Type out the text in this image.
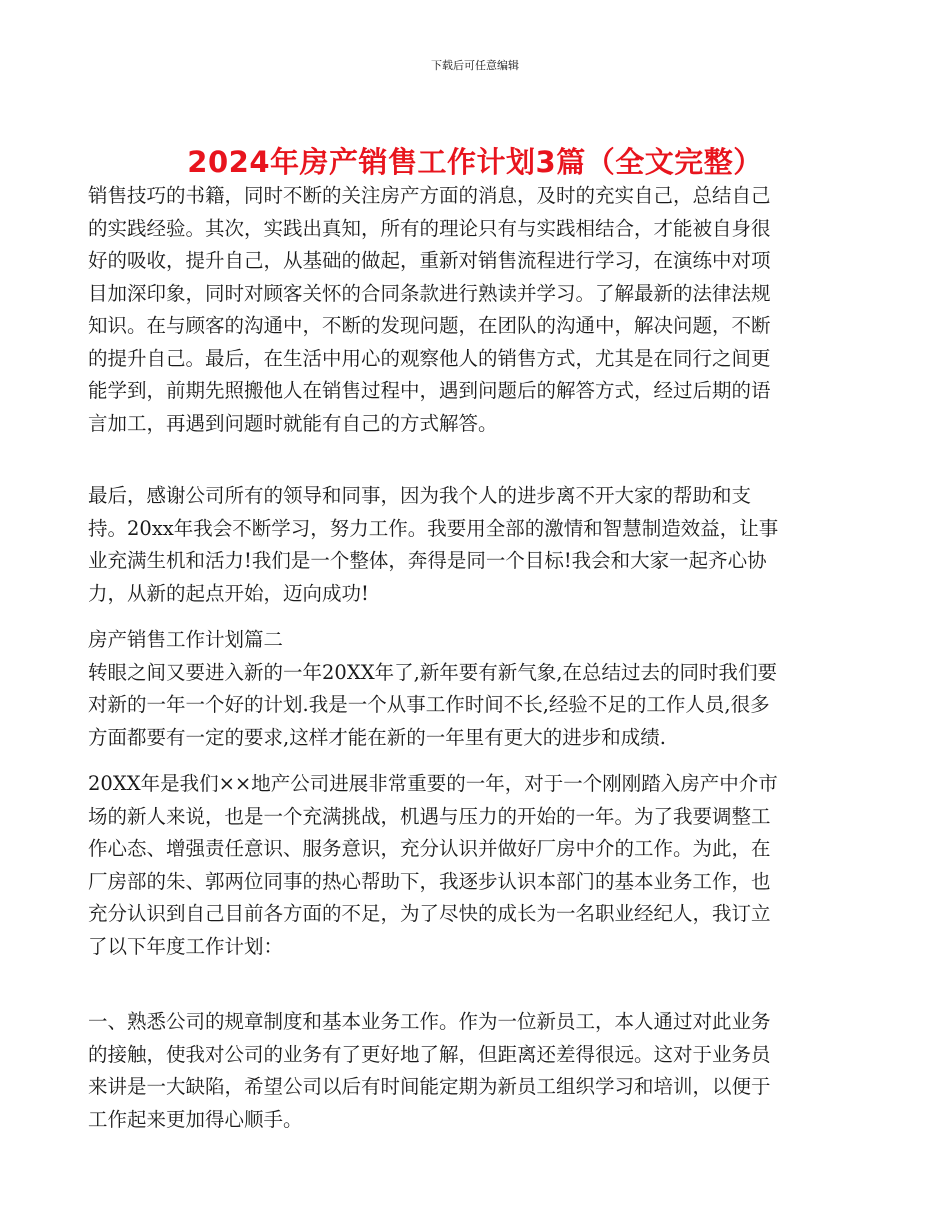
下载后可任意编辑
2024年房产销售工作计划3篇（全文完整）
销售技巧的书籍，同时不断的关注房产方面的消息，及时的充实自己，总结自己
的实践经验。其次，实践出真知，所有的理论只有与实践相结合，才能被自身很
好的吸收，提升自己，从基础的做起，重新对销售流程进行学习，在演练中对项
目加深印象，同时对顾客关怀的合同条款进行熟读并学习。了解最新的法律法规
知识。在与顾客的沟通中，不断的发现问题，在团队的沟通中，解决问题，不断
的提升自己。最后，在生活中用心的观察他人的销售方式，尤其是在同行之间更
能学到，前期先照搬他人在销售过程中，遇到问题后的解答方式，经过后期的语
言加工，再遇到问题时就能有自己的方式解答。
最后，感谢公司所有的领导和同事，因为我个人的进步离不开大家的帮助和支
持。20xx年我会不断学习，努力工作。我要用全部的激情和智慧制造效益，让事
业充满生机和活力!我们是一个整体，奔得是同一个目标!我会和大家一起齐心协
力，从新的起点开始，迈向成功!
房产销售工作计划篇二
转眼之间又要进入新的一年20XX年了,新年要有新气象,在总结过去的同时我们要
对新的一年一个好的计划.我是一个从事工作时间不长,经验不足的工作人员,很多
方面都要有一定的要求,这样才能在新的一年里有更大的进步和成绩.
20XX年是我们××地产公司进展非常重要的一年，对于一个刚刚踏入房产中介市
场的新人来说，也是一个充满挑战，机遇与压力的开始的一年。为了我要调整工
作心态、增强责任意识、服务意识，充分认识并做好厂房中介的工作。为此，在
厂房部的朱、郭两位同事的热心帮助下，我逐步认识本部门的基本业务工作，也
充分认识到自己目前各方面的不足，为了尽快的成长为一名职业经纪人，我订立
了以下年度工作计划：
一、熟悉公司的规章制度和基本业务工作。作为一位新员工，本人通过对此业务
的接触，使我对公司的业务有了更好地了解，但距离还差得很远。这对于业务员
来讲是一大缺陷，希望公司以后有时间能定期为新员工组织学习和培训，以便于
工作起来更加得心顺手。
